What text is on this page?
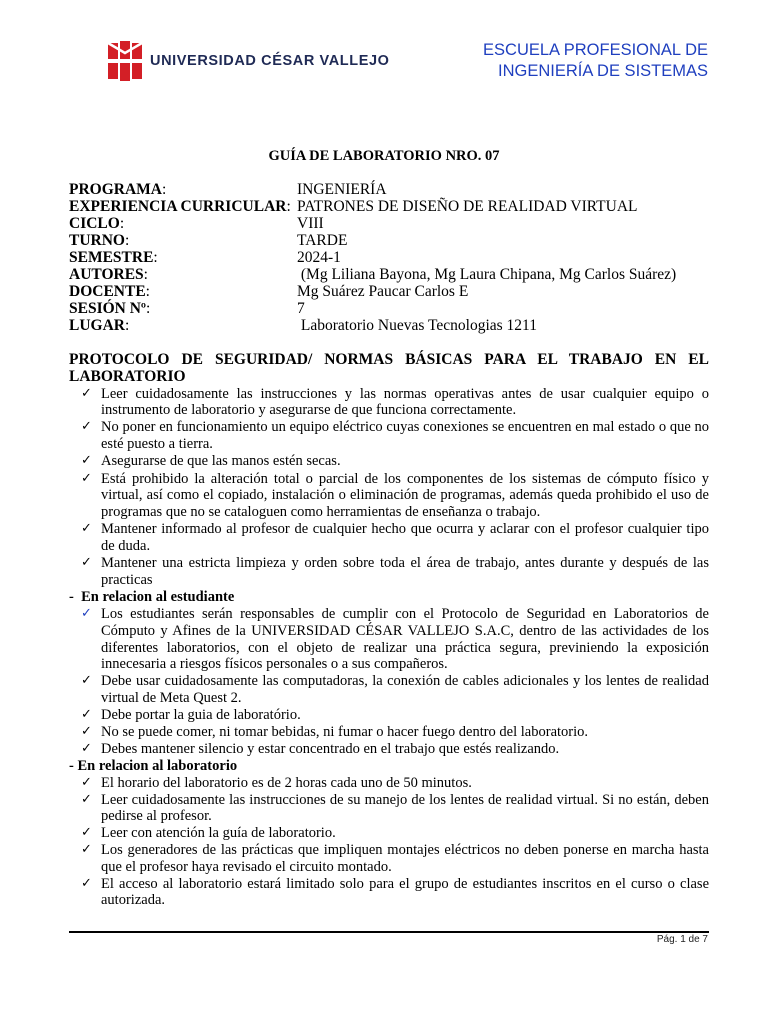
UNIVERSIDAD CÉSAR VALLEJO
ESCUELA PROFESIONAL DE
INGENIERÍA DE SISTEMAS
GUÍA DE LABORATORIO NRO. 07
PROGRAMA:	INGENIERÍA
EXPERIENCIA CURRICULAR: PATRONES DE DISEÑO DE REALIDAD VIRTUAL
CICLO:	VIII
TURNO:	TARDE
SEMESTRE:	2024-1
AUTORES:	(Mg Liliana Bayona, Mg Laura Chipana, Mg Carlos Suárez)
DOCENTE:	Mg Suárez Paucar Carlos E
SESIÓN Nº:	7
LUGAR:	Laboratorio Nuevas Tecnologias 1211
PROTOCOLO DE SEGURIDAD/ NORMAS BÁSICAS PARA EL TRABAJO EN EL LABORATORIO
✓ Leer cuidadosamente las instrucciones y las normas operativas antes de usar cualquier equipo o instrumento de laboratorio y asegurarse de que funciona correctamente.
✓ No poner en funcionamiento un equipo eléctrico cuyas conexiones se encuentren en mal estado o que no esté puesto a tierra.
✓ Asegurarse de que las manos estén secas.
✓ Está prohibido la alteración total o parcial de los componentes de los sistemas de cómputo físico y virtual, así como el copiado, instalación o eliminación de programas, además queda prohibido el uso de programas que no se cataloguen como herramientas de enseñanza o trabajo.
✓ Mantener informado al profesor de cualquier hecho que ocurra y aclarar con el profesor cualquier tipo de duda.
✓ Mantener una estricta limpieza y orden sobre toda el área de trabajo, antes durante y después de las practicas
-  En relacion al estudiante
✓ Los estudiantes serán responsables de cumplir con el Protocolo de Seguridad en Laboratorios de Cómputo y Afines de la UNIVERSIDAD CÉSAR VALLEJO S.A.C, dentro de las actividades de los diferentes laboratorios, con el objeto de realizar una práctica segura, previniendo la exposición innecesaria a riesgos físicos personales o a sus compañeros.
✓ Debe usar cuidadosamente las computadoras, la conexión de cables adicionales y los lentes de realidad virtual de Meta Quest 2.
✓ Debe portar la guia de laboratório.
✓ No se puede comer, ni tomar bebidas, ni fumar o hacer fuego dentro del laboratorio.
✓ Debes mantener silencio y estar concentrado en el trabajo que estés realizando.
- En relacion al laboratorio
✓ El horario del laboratorio es de 2 horas cada uno de 50 minutos.
✓ Leer cuidadosamente las instrucciones de su manejo de los lentes de realidad virtual. Si no están, deben pedirse al profesor.
✓ Leer con atención la guía de laboratorio.
✓ Los generadores de las prácticas que impliquen montajes eléctricos no deben ponerse en marcha hasta que el profesor haya revisado el circuito montado.
✓ El acceso al laboratorio estará limitado solo para el grupo de estudiantes inscritos en el curso o clase autorizada.
Pág. 1 de 7
